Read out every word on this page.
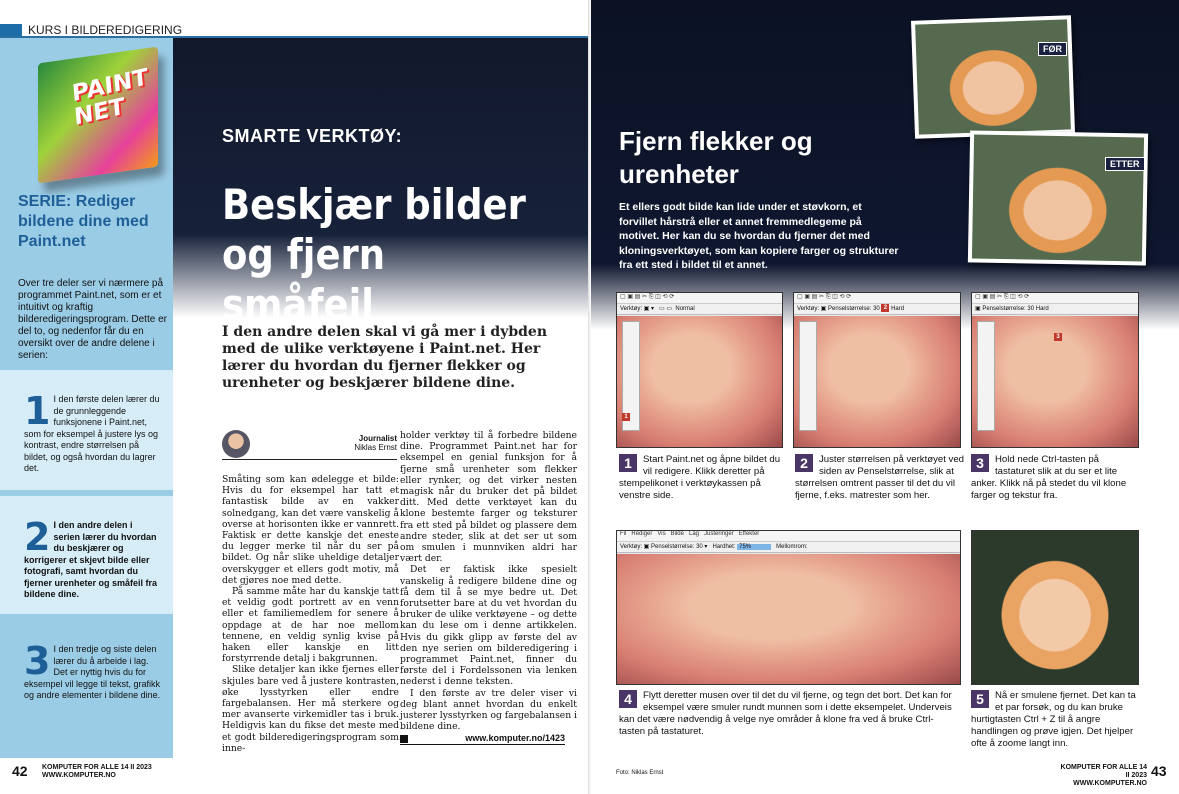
KURS I BILDEREDIGERING
PAINT NET
SERIE: Rediger bildene dine med Paint.net
Over tre deler ser vi nærmere på programmet Paint.net, som er et intuitivt og kraftig bilderedigeringsprogram. Dette er del to, og nedenfor får du en oversikt over de andre delene i serien:
1 I den første delen lærer du de grunnleggende funksjonene i Paint.net, som for eksempel å justere lys og kontrast, endre størrelsen på bildet, og også hvordan du lagrer det.
2 I den andre delen i serien lærer du hvordan du beskjærer og korrigerer et skjevt bilde eller fotografi, samt hvordan du fjerner urenheter og småfeil fra bildene dine.
3 I den tredje og siste delen lærer du å arbeide i lag. Det er nyttig hvis du for eksempel vil legge til tekst, grafikk og andre elementer i bildene dine.
SMARTE VERKTØY:
Beskjær bilder og fjern småfeil
I den andre delen skal vi gå mer i dybden med de ulike verktøyene i Paint.net. Her lærer du hvordan du fjerner flekker og urenheter og beskjærer bildene dine.
Journalist
Niklas Ernst

Småting som kan ødelegge et bilde: Hvis du for eksempel har tatt et fantastisk bilde av en vakker solnedgang, kan det være vanskelig å overse at horisonten ikke er vannrett. Faktisk er dette kanskje det eneste du legger merke til når du ser på bildet. Og når slike uheldige detaljer overskygger et ellers godt motiv, må det gjøres noe med dette.

På samme måte har du kanskje tatt et veldig godt portrett av en venn eller et familiemedlem for senere å oppdage at de har noe mellom tennene, en veldig synlig kvise på haken eller kanskje en litt forstyrrende detalj i bakgrunnen.

Slike detaljer kan ikke fjernes eller skjules bare ved å justere kontrasten, øke lysstyrken eller endre fargebalansen. Her må sterkere og mer avanserte virkemidler tas i bruk. Heldigvis kan du fikse det meste med et godt bilderedigeringsprogram som inne-

holder verktøy til å forbedre bildene dine. Programmet Paint.net har for eksempel en genial funksjon for å fjerne små urenheter som flekker eller rynker, og det virker nesten magisk når du bruker det på bildet ditt. Med dette verktøyet kan du klone bestemte farger og teksturer fra ett sted på bildet og plassere dem andre steder, slik at det ser ut som om smulen i munnviken aldri har vært der.

Det er faktisk ikke spesielt vanskelig å redigere bildene dine og få dem til å se mye bedre ut. Det forutsetter bare at du vet hvordan du bruker de ulike verktøyene – og dette kan du lese om i denne artikkelen. Hvis du gikk glipp av første del av den nye serien om bilderedigering i programmet Paint.net, finner du første del i Fordelssonen via lenken nederst i denne teksten.

I den første av tre deler viser vi deg blant annet hvordan du enkelt justerer lysstyrken og fargebalansen i bildene dine.

www.komputer.no/1423
42 KOMPUTER FOR ALLE 14 II 2023
WWW.KOMPUTER.NO
Fjern flekker og urenheter
Et ellers godt bilde kan lide under et støvkorn, et forvillet hårstrå eller et annet fremmedlegeme på motivet. Her kan du se hvordan du fjerner det med kloningsverktøyet, som kan kopiere farger og strukturer fra ett sted i bildet til et annet.
FØR
ETTER
▢ ▣ ▤ ✂ ⎘ ◫ ⟲ ⟳
Verktøy: ▣ ▾   ▭ ▭  Normal
1
1	Start Paint.net og åpne bildet du vil redigere. Klikk deretter på stempelikonet i verktøykassen på venstre side.
▢ ▣ ▤ ✂ ⎘ ◫ ⟲ ⟳
Verktøy: ▣ Penselstørrelse: 30 2 Hard
2	Juster størrelsen på verktøyet ved siden av Penselstørrelse, slik at størrelsen omtrent passer til det du vil fjerne, f.eks. matrester som her.
▢ ▣ ▤ ✂ ⎘ ◫ ⟲ ⟳
▣ Penselstørrelse: 30 Hard
3
3	Hold nede Ctrl-tasten på tastaturet slik at du ser et lite anker. Klikk nå på stedet du vil klone farger og tekstur fra.
Fil Rediger Vis Bilde Lag Justeringer Effekter
Verktøy: ▣ Penselstørrelse: 30 ▾   Hardhet: 75%	Mellomrom:
4	Flytt deretter musen over til det du vil fjerne, og tegn det bort. Det kan for eksempel være smuler rundt munnen som i dette eksempelet. Underveis kan det være nødvendig å velge nye områder å klone fra ved å bruke Ctrl-tasten på tastaturet.
5	Nå er smulene fjernet. Det kan ta et par forsøk, og du kan bruke hurtigtasten Ctrl + Z til å angre handlingen og prøve igjen. Det hjelper ofte å zoome langt inn.
Foto: Niklas Ernst
KOMPUTER FOR ALLE 14 II 2023
WWW.KOMPUTER.NO
43
